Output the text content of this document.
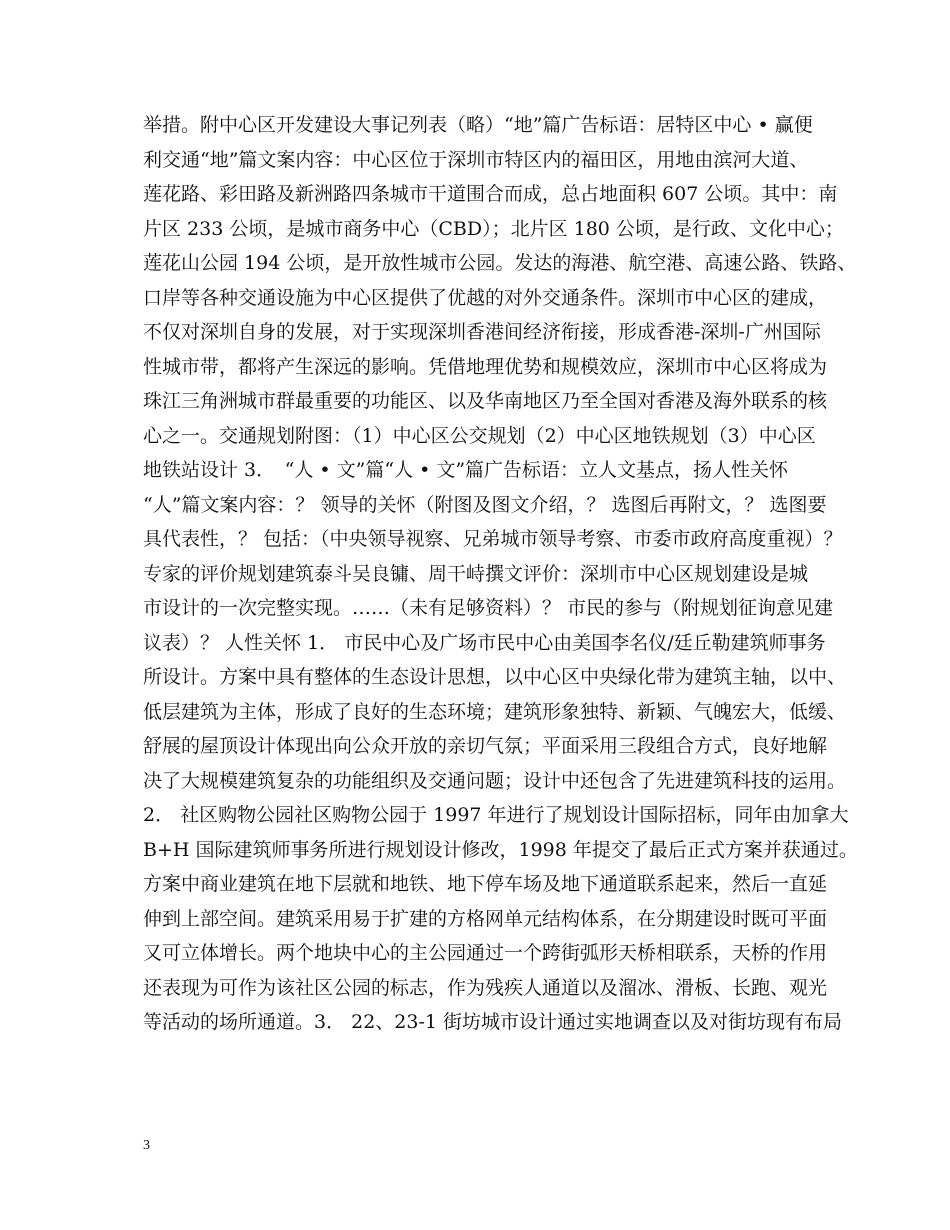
举措。附中心区开发建设大事记列表（略）“地”篇广告标语：居特区中心 • 赢便
利交通“地”篇文案内容：中心区位于深圳市特区内的福田区，用地由滨河大道、
莲花路、彩田路及新洲路四条城市干道围合而成，总占地面积 607 公顷。其中：南
片区 233 公顷，是城市商务中心（CBD）；北片区 180 公顷，是行政、文化中心；
莲花山公园 194 公顷，是开放性城市公园。发达的海港、航空港、高速公路、铁路、
口岸等各种交通设施为中心区提供了优越的对外交通条件。深圳市中心区的建成，
不仅对深圳自身的发展，对于实现深圳香港间经济衔接，形成香港-深圳-广州国际
性城市带，都将产生深远的影响。凭借地理优势和规模效应，深圳市中心区将成为
珠江三角洲城市群最重要的功能区、以及华南地区乃至全国对香港及海外联系的核
心之一。交通规划附图：（1）中心区公交规划（2）中心区地铁规划（3）中心区
地铁站设计 3．　“人 • 文”篇“人 • 文”篇广告标语：立人文基点，扬人性关怀
“人”篇文案内容：？ 领导的关怀（附图及图文介绍，？ 选图后再附文，？ 选图要
具代表性，？ 包括：（中央领导视察、兄弟城市领导考察、市委市政府高度重视）？
专家的评价规划建筑泰斗吴良镛、周干峙撰文评价：深圳市中心区规划建设是城
市设计的一次完整实现。……（未有足够资料）？ 市民的参与（附规划征询意见建
议表）？ 人性关怀 1． 市民中心及广场市民中心由美国李名仪/廷丘勒建筑师事务
所设计。方案中具有整体的生态设计思想，以中心区中央绿化带为建筑主轴，以中、
低层建筑为主体，形成了良好的生态环境；建筑形象独特、新颖、气魄宏大，低缓、
舒展的屋顶设计体现出向公众开放的亲切气氛；平面采用三段组合方式，良好地解
决了大规模建筑复杂的功能组织及交通问题；设计中还包含了先进建筑科技的运用。
2． 社区购物公园社区购物公园于 1997 年进行了规划设计国际招标，同年由加拿大
B+H 国际建筑师事务所进行规划设计修改，1998 年提交了最后正式方案并获通过。
方案中商业建筑在地下层就和地铁、地下停车场及地下通道联系起来，然后一直延
伸到上部空间。建筑采用易于扩建的方格网单元结构体系，在分期建设时既可平面
又可立体增长。两个地块中心的主公园通过一个跨街弧形天桥相联系，天桥的作用
还表现为可作为该社区公园的标志，作为残疾人通道以及溜冰、滑板、长跑、观光
等活动的场所通道。3． 22、23-1 街坊城市设计通过实地调查以及对街坊现有布局
3
